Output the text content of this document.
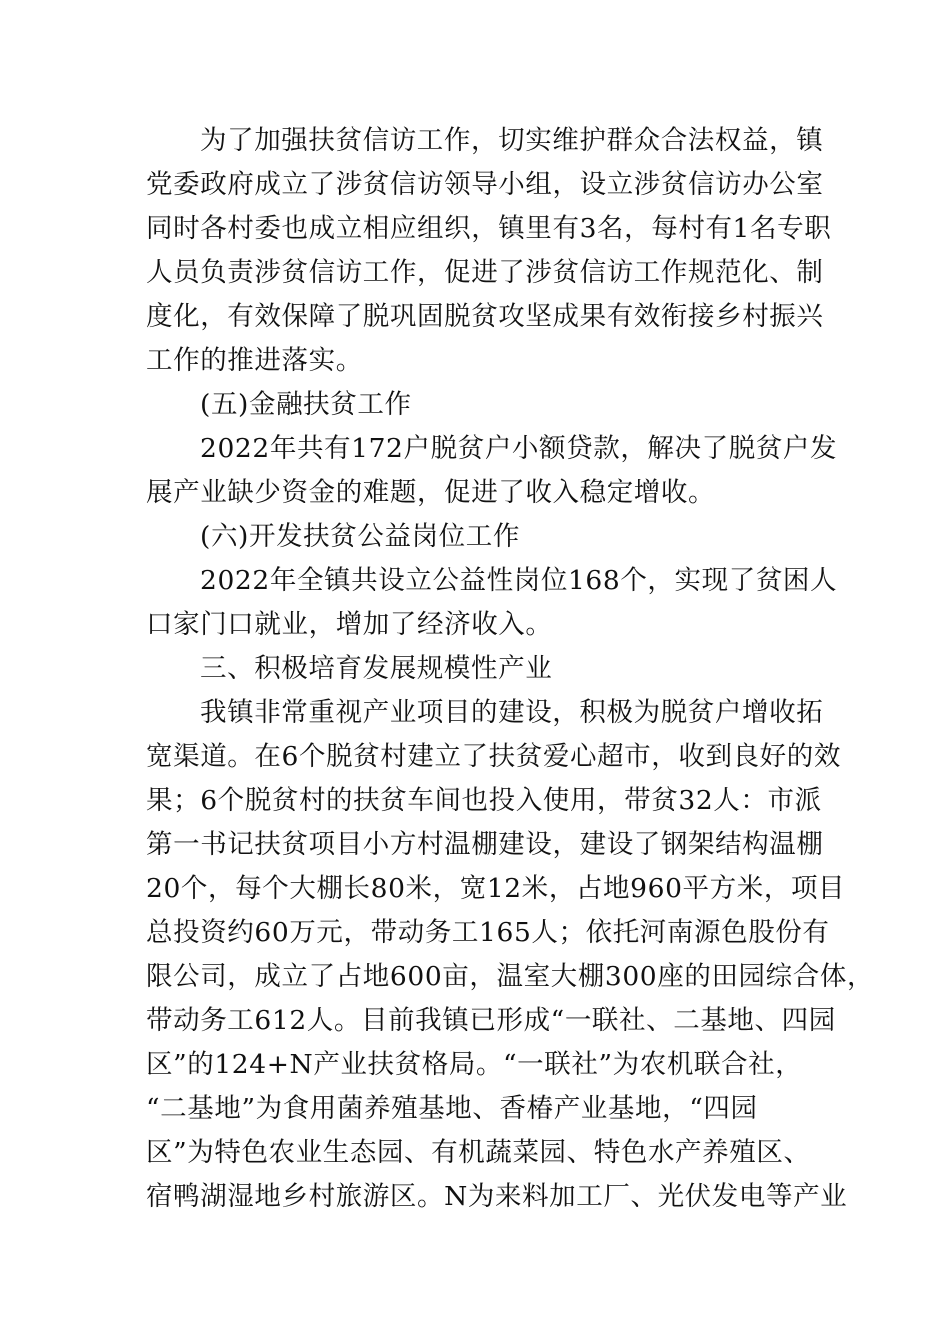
为了加强扶贫信访工作，切实维护群众合法权益，镇
党委政府成立了涉贫信访领导小组，设立涉贫信访办公室
同时各村委也成立相应组织，镇里有3名，每村有1名专职
人员负责涉贫信访工作，促进了涉贫信访工作规范化、制
度化，有效保障了脱巩固脱贫攻坚成果有效衔接乡村振兴
工作的推进落实。
(五)金融扶贫工作
2022年共有172户脱贫户小额贷款，解决了脱贫户发
展产业缺少资金的难题，促进了收入稳定增收。
(六)开发扶贫公益岗位工作
2022年全镇共设立公益性岗位168个，实现了贫困人
口家门口就业，增加了经济收入。
三、积极培育发展规模性产业
我镇非常重视产业项目的建设，积极为脱贫户增收拓
宽渠道。在6个脱贫村建立了扶贫爱心超市，收到良好的效
果；6个脱贫村的扶贫车间也投入使用，带贫32人：市派
第一书记扶贫项目小方村温棚建设，建设了钢架结构温棚
20个，每个大棚长80米，宽12米，占地960平方米，项目
总投资约60万元，带动务工165人；依托河南源色股份有
限公司，成立了占地600亩，温室大棚300座的田园综合体，
带动务工612人。目前我镇已形成“一联社、二基地、四园
区”的124+N产业扶贫格局。“一联社”为农机联合社，
“二基地”为食用菌养殖基地、香椿产业基地，“四园
区”为特色农业生态园、有机蔬菜园、特色水产养殖区、
宿鸭湖湿地乡村旅游区。N为来料加工厂、光伏发电等产业
